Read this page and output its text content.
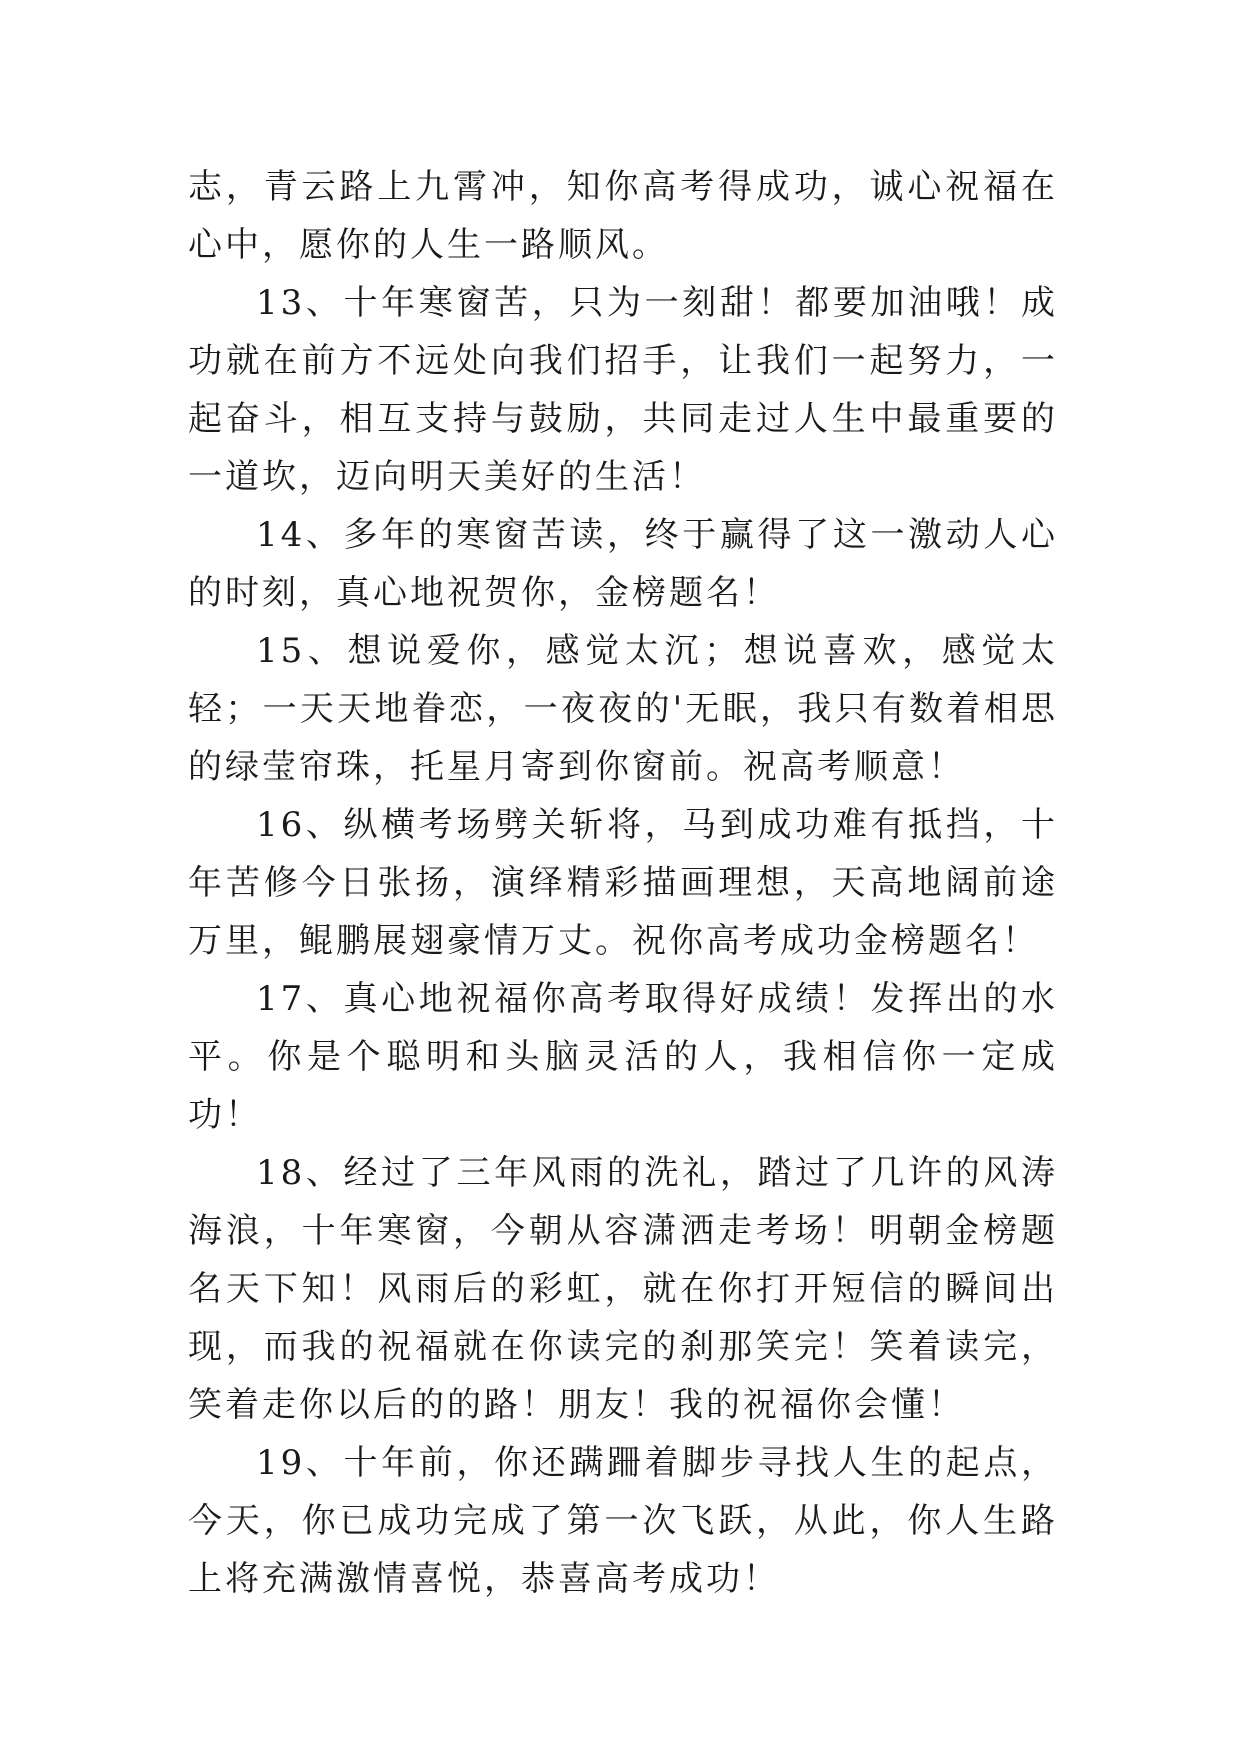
志，青云路上九霄冲，知你高考得成功，诚心祝福在心中，愿你的人生一路顺风。

13、十年寒窗苦，只为一刻甜！都要加油哦！成功就在前方不远处向我们招手，让我们一起努力，一起奋斗，相互支持与鼓励，共同走过人生中最重要的一道坎，迈向明天美好的生活！

14、多年的寒窗苦读，终于赢得了这一激动人心的时刻，真心地祝贺你，金榜题名！

15、想说爱你，感觉太沉；想说喜欢，感觉太轻；一天天地眷恋，一夜夜的'无眠，我只有数着相思的绿莹帘珠，托星月寄到你窗前。祝高考顺意！

16、纵横考场劈关斩将，马到成功难有抵挡，十年苦修今日张扬，演绎精彩描画理想，天高地阔前途万里，鲲鹏展翅豪情万丈。祝你高考成功金榜题名！

17、真心地祝福你高考取得好成绩！发挥出的水平。你是个聪明和头脑灵活的人，我相信你一定成功！

18、经过了三年风雨的洗礼，踏过了几许的风涛海浪，十年寒窗，今朝从容潇洒走考场！明朝金榜题名天下知！风雨后的彩虹，就在你打开短信的瞬间出现，而我的祝福就在你读完的刹那笑完！笑着读完，笑着走你以后的的路！朋友！我的祝福你会懂！

19、十年前，你还蹒跚着脚步寻找人生的起点，今天，你已成功完成了第一次飞跃，从此，你人生路上将充满激情喜悦，恭喜高考成功！
